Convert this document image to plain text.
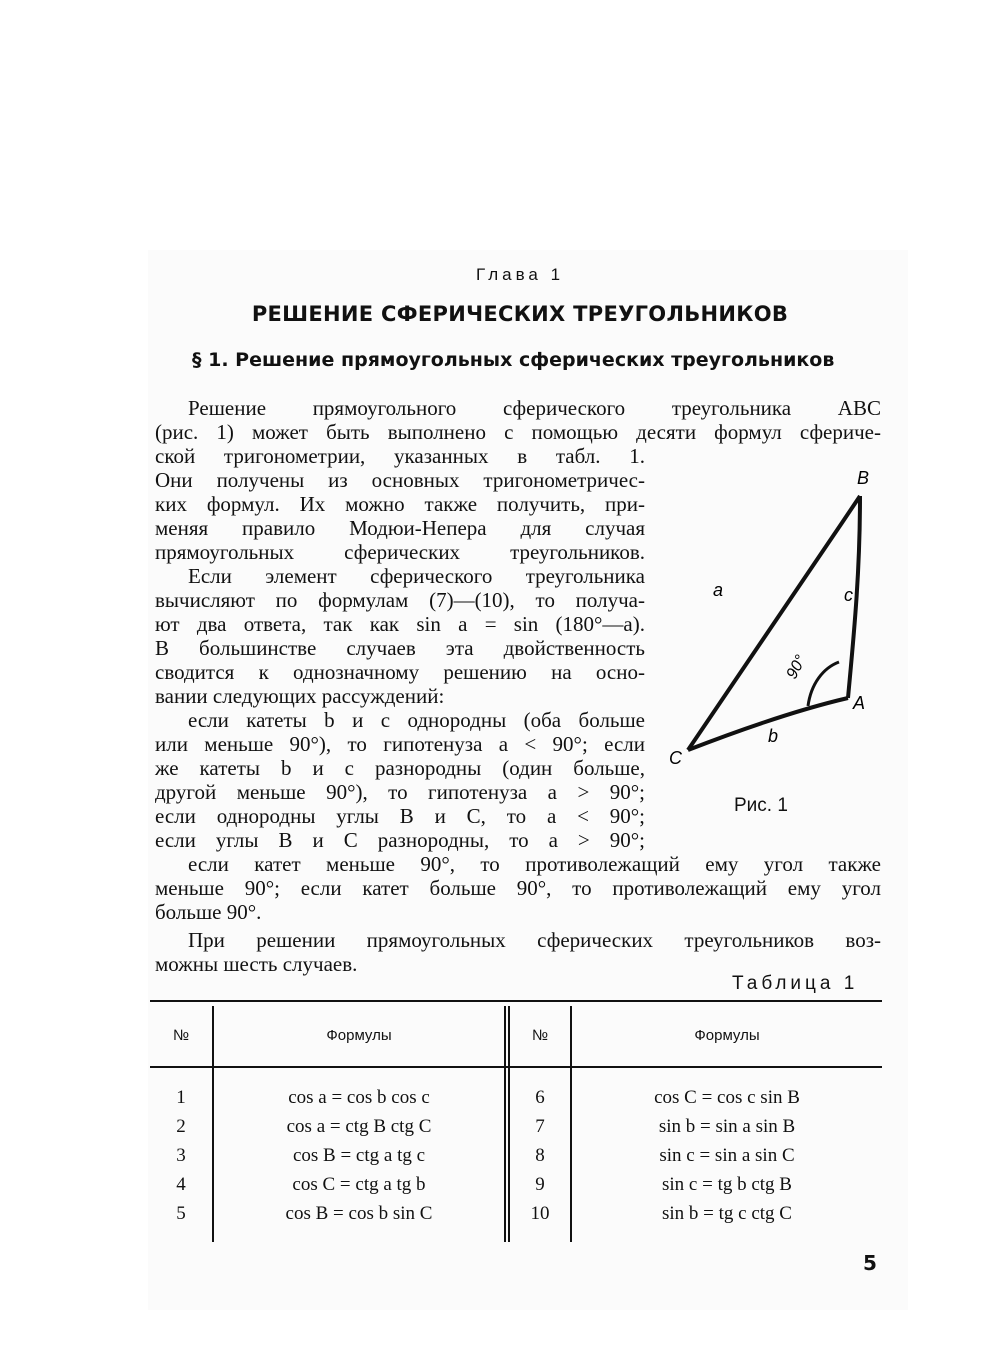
Глава 1
РЕШЕНИЕ СФЕРИЧЕСКИХ ТРЕУГОЛЬНИКОВ
§ 1. Решение прямоугольных сферических треугольников
Решение прямоугольного сферического треугольника ABC
(рис. 1) может быть выполнено с помощью десяти формул сфериче-
ской тригонометрии, указанных в табл. 1.
Они получены из основных тригонометричес-
ких формул. Их можно также получить, при-
меняя правило Модюи-Непера для случая
прямоугольных сферических треугольников.
Если элемент сферического треугольника
вычисляют по формулам (7)—(10), то получа-
ют два ответа, так как sin a = sin (180°—a).
В большинстве случаев эта двойственность
сводится к однозначному решению на осно-
вании следующих рассуждений:
если катеты b и c однородны (оба больше
или меньше 90°), то гипотенуза a < 90°; если
же катеты b и c разнородны (один больше,
другой меньше 90°), то гипотенуза a > 90°;
если однородны углы B и C, то a < 90°;
если углы B и C разнородны, то a > 90°;
если катет меньше 90°, то противолежащий ему угол также
меньше 90°; если катет больше 90°, то противолежащий ему угол
больше 90°.
При решении прямоугольных сферических треугольников воз-
можны шесть случаев.
B
A
C
a	c
b
90°
Рис. 1
Таблица 1
№	Формулы	№	Формулы
1	cos a = cos b cos c	6	cos C = cos c sin B
2	cos a = ctg B ctg C	7	sin b = sin a sin B
3	cos B = ctg a tg c	8	sin c = sin a sin C
4	cos C = ctg a tg b	9	sin c = tg b ctg B
5	cos B = cos b sin C	10	sin b = tg c ctg C
5
